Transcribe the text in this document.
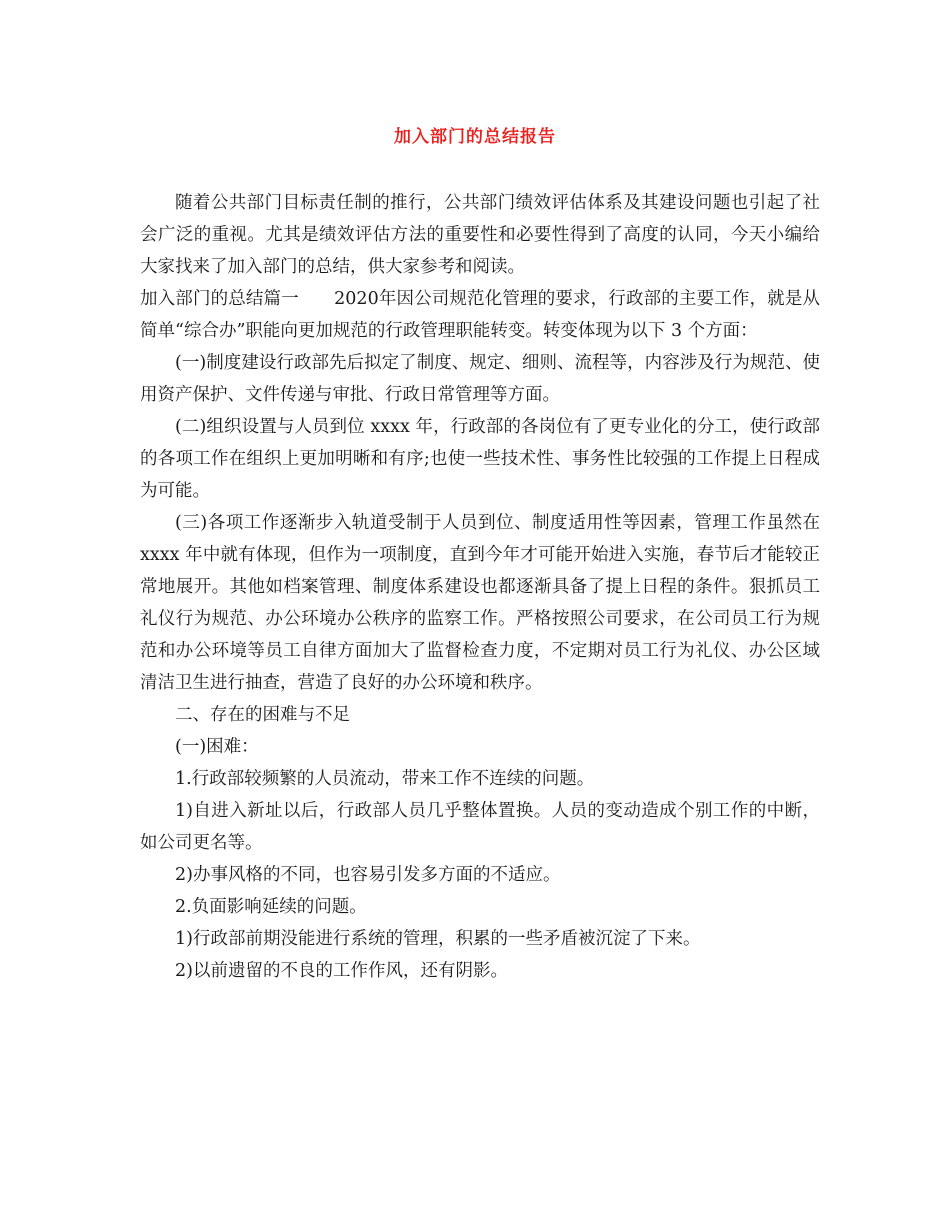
加入部门的总结报告

随着公共部门目标责任制的推行，公共部门绩效评估体系及其建设问题也引起了社会广泛的重视。尤其是绩效评估方法的重要性和必要性得到了高度的认同，今天小编给大家找来了加入部门的总结，供大家参考和阅读。

加入部门的总结篇一　　2020年因公司规范化管理的要求，行政部的主要工作，就是从简单“综合办”职能向更加规范的行政管理职能转变。转变体现为以下 3 个方面：

(一)制度建设行政部先后拟定了制度、规定、细则、流程等，内容涉及行为规范、使用资产保护、文件传递与审批、行政日常管理等方面。

(二)组织设置与人员到位 xxxx 年，行政部的各岗位有了更专业化的分工，使行政部的各项工作在组织上更加明晰和有序;也使一些技术性、事务性比较强的工作提上日程成为可能。

(三)各项工作逐渐步入轨道受制于人员到位、制度适用性等因素，管理工作虽然在 xxxx 年中就有体现，但作为一项制度，直到今年才可能开始进入实施，春节后才能较正常地展开。其他如档案管理、制度体系建设也都逐渐具备了提上日程的条件。狠抓员工礼仪行为规范、办公环境办公秩序的监察工作。严格按照公司要求，在公司员工行为规范和办公环境等员工自律方面加大了监督检查力度，不定期对员工行为礼仪、办公区域清洁卫生进行抽查，营造了良好的办公环境和秩序。

二、存在的困难与不足

(一)困难：

1.行政部较频繁的人员流动，带来工作不连续的问题。

1)自进入新址以后，行政部人员几乎整体置换。人员的变动造成个别工作的中断，如公司更名等。

2)办事风格的不同，也容易引发多方面的不适应。

2.负面影响延续的问题。

1)行政部前期没能进行系统的管理，积累的一些矛盾被沉淀了下来。

2)以前遗留的不良的工作作风，还有阴影。
